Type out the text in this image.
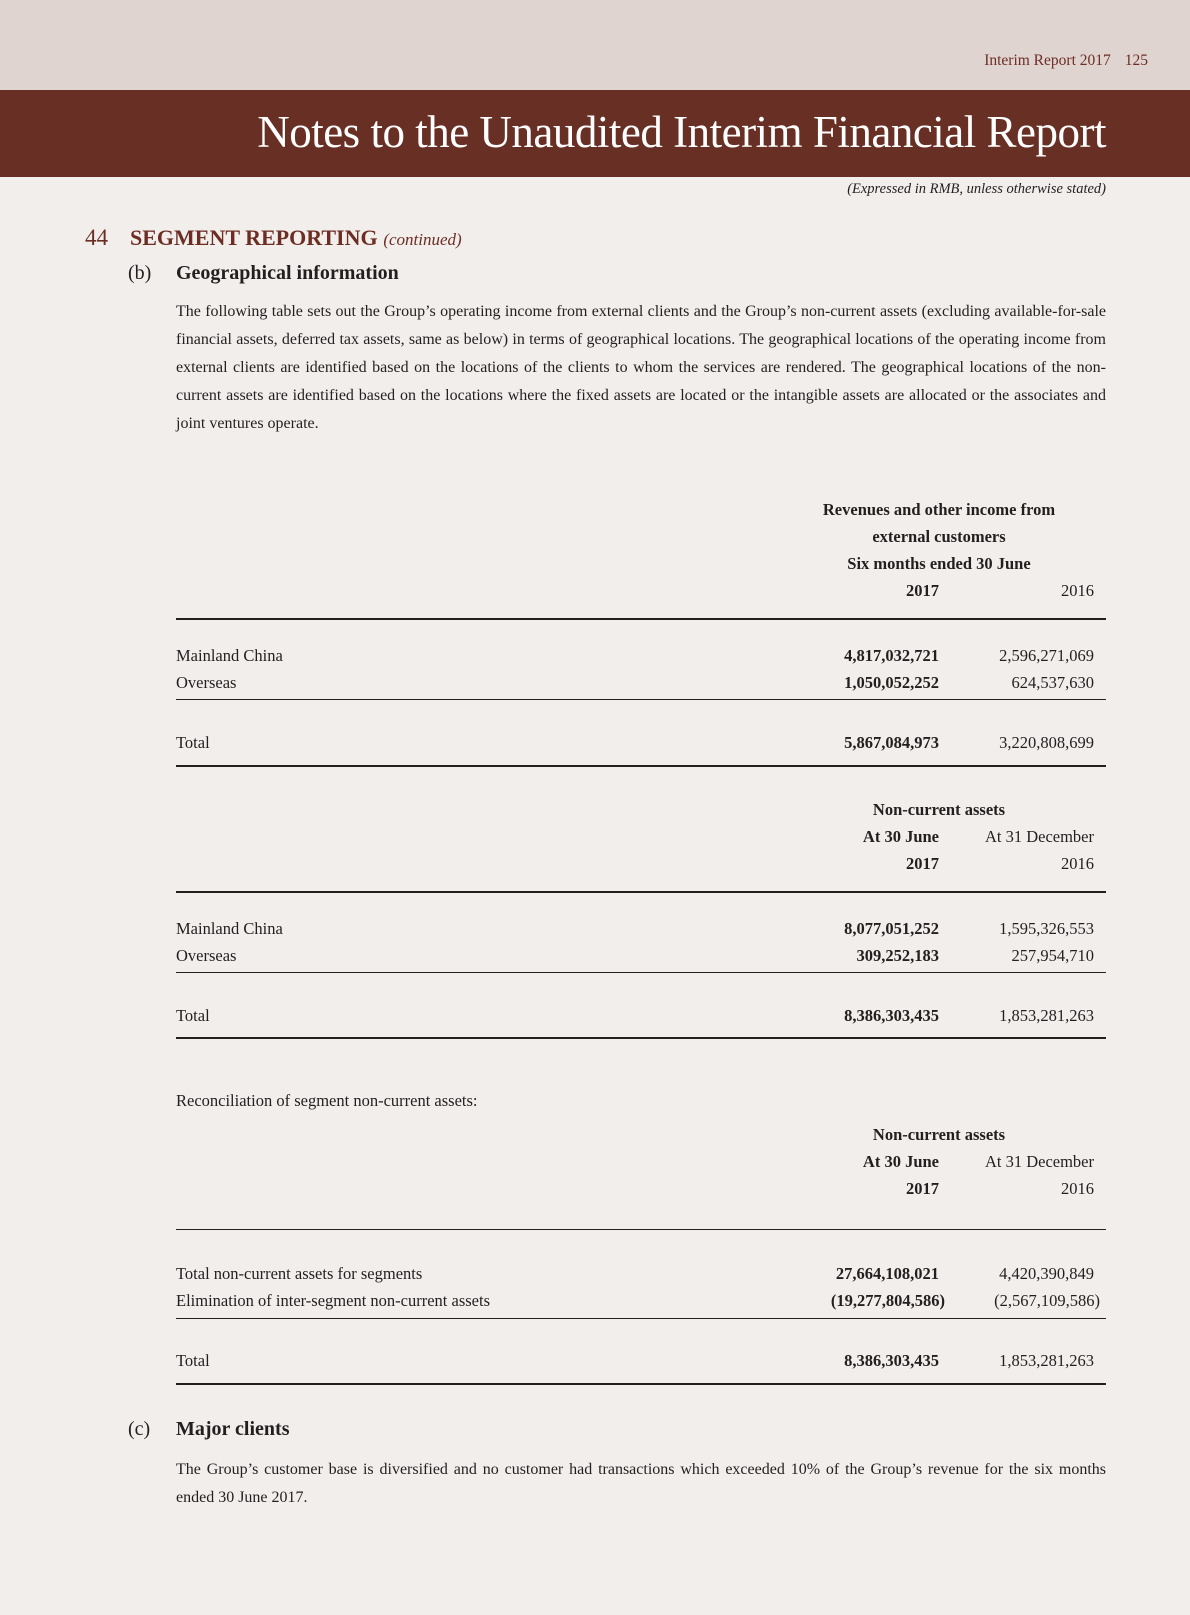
Interim Report 2017 125
Notes to the Unaudited Interim Financial Report
(Expressed in RMB, unless otherwise stated)
44 SEGMENT REPORTING (continued)
(b) Geographical information

The following table sets out the Group’s operating income from external clients and the Group’s non-current assets (excluding available-for-sale financial assets, deferred tax assets, same as below) in terms of geographical locations. The geographical locations of the operating income from external clients are identified based on the locations of the clients to whom the services are rendered. The geographical locations of the non-current assets are identified based on the locations where the fixed assets are located or the intangible assets are allocated or the associates and joint ventures operate.

Revenues and other income from
external customers
Six months ended 30 June
2017	2016
Mainland China	4,817,032,721	2,596,271,069
Overseas	1,050,052,252	624,537,630
Total	5,867,084,973	3,220,808,699
Non-current assets
At 30 June	At 31 December
2017	2016
Mainland China	8,077,051,252	1,595,326,553
Overseas	309,252,183	257,954,710
Total	8,386,303,435	1,853,281,263
Reconciliation of segment non-current assets:
Non-current assets
At 30 June	At 31 December
2017	2016
Total non-current assets for segments	27,664,108,021	4,420,390,849
Elimination of inter-segment non-current assets	(19,277,804,586)	(2,567,109,586)
Total	8,386,303,435	1,853,281,263
(c) Major clients

The Group’s customer base is diversified and no customer had transactions which exceeded 10% of the Group’s revenue for the six months ended 30 June 2017.
